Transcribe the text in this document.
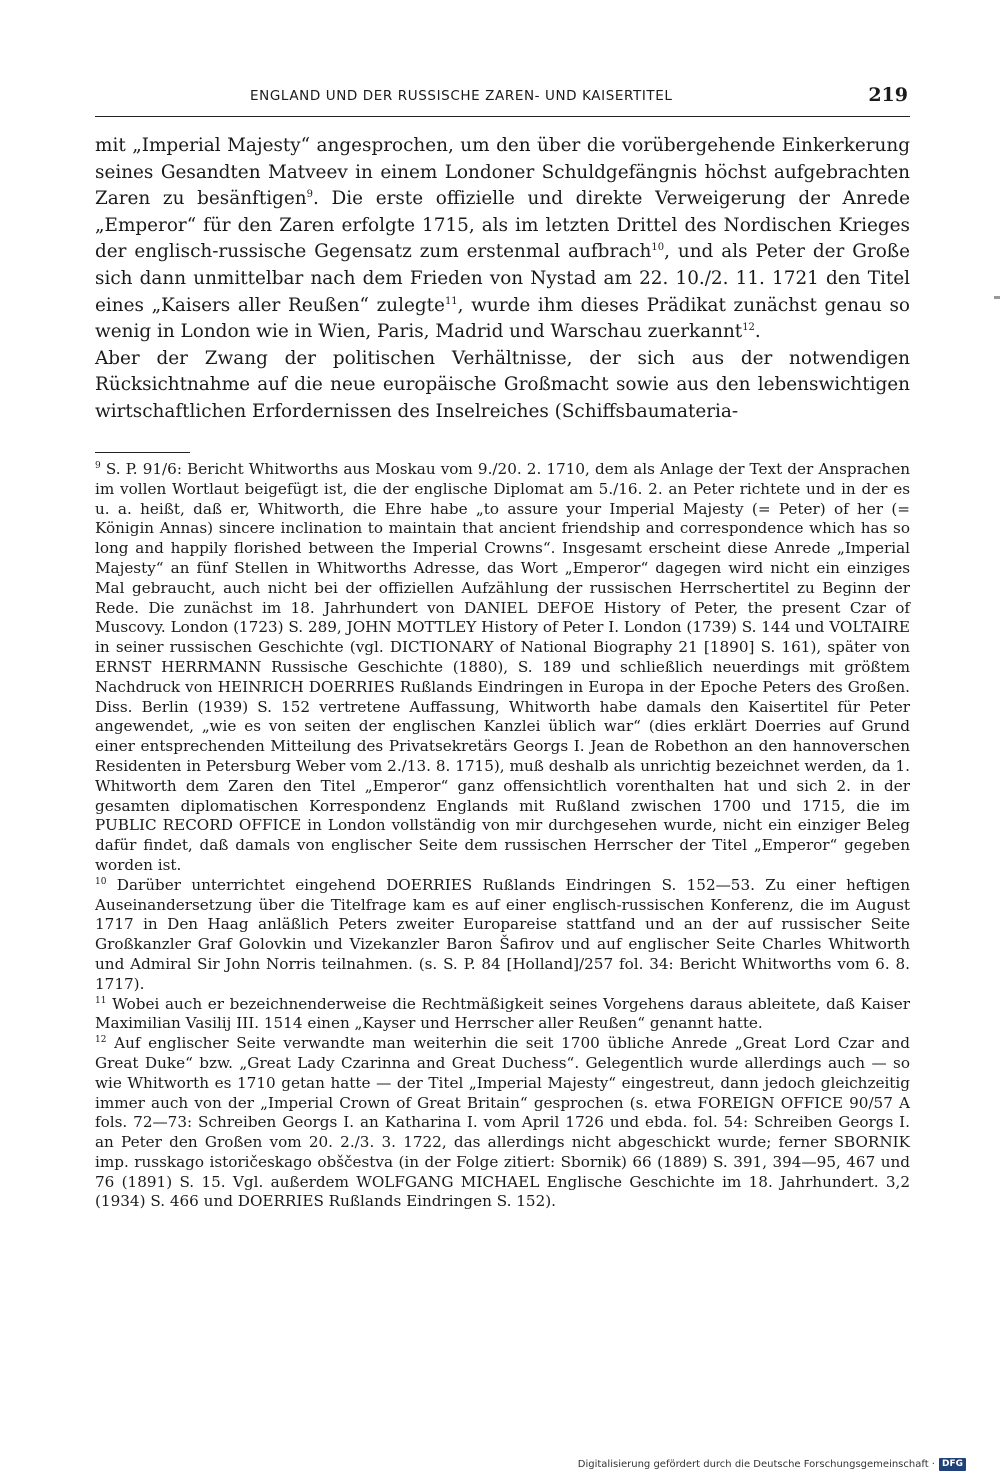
ENGLAND UND DER RUSSISCHE ZAREN- UND KAISERTITEL	219

mit „Imperial Majesty“ angesprochen, um den über die vorübergehende Einkerkerung seines Gesandten Matveev in einem Londoner Schuldgefängnis höchst aufgebrachten Zaren zu besänftigen$^9$. Die erste offizielle und direkte Verweigerung der Anrede „Emperor“ für den Zaren erfolgte 1715, als im letzten Drittel des Nordischen Krieges der englisch-russische Gegensatz zum erstenmal aufbrach$^{10}$, und als Peter der Große sich dann unmittelbar nach dem Frieden von Nystad am 22. 10./2. 11. 1721 den Titel eines „Kaisers aller Reußen“ zulegte$^{11}$, wurde ihm dieses Prädikat zunächst genau so wenig in London wie in Wien, Paris, Madrid und Warschau zuerkannt$^{12}$.

Aber der Zwang der politischen Verhältnisse, der sich aus der notwendigen Rücksichtnahme auf die neue europäische Großmacht sowie aus den lebenswichtigen wirtschaftlichen Erfordernissen des Inselreiches (Schiffsbaumateria-

$^9$ S. P. 91/6: Bericht Whitworths aus Moskau vom 9./20. 2. 1710, dem als Anlage der Text der Ansprachen im vollen Wortlaut beigefügt ist, die der englische Diplomat am 5./16. 2. an Peter richtete und in der es u. a. heißt, daß er, Whitworth, die Ehre habe „to assure your Imperial Majesty (= Peter) of her (= Königin Annas) sincere inclination to maintain that ancient friendship and correspondence which has so long and happily florished between the Imperial Crowns“. Insgesamt erscheint diese Anrede „Imperial Majesty“ an fünf Stellen in Whitworths Adresse, das Wort „Emperor“ dagegen wird nicht ein einziges Mal gebraucht, auch nicht bei der offiziellen Aufzählung der russischen Herrschertitel zu Beginn der Rede. Die zunächst im 18. Jahrhundert von DANIEL DEFOE History of Peter, the present Czar of Muscovy. London (1723) S. 289, JOHN MOTTLEY History of Peter I. London (1739) S. 144 und VOLTAIRE in seiner russischen Geschichte (vgl. DICTIONARY of National Biography 21 [1890] S. 161), später von ERNST HERRMANN Russische Geschichte (1880), S. 189 und schließlich neuerdings mit größtem Nachdruck von HEINRICH DOERRIES Rußlands Eindringen in Europa in der Epoche Peters des Großen. Diss. Berlin (1939) S. 152 vertretene Auffassung, Whitworth habe damals den Kaisertitel für Peter angewendet, „wie es von seiten der englischen Kanzlei üblich war“ (dies erklärt Doerries auf Grund einer entsprechenden Mitteilung des Privatsekretärs Georgs I. Jean de Robethon an den hannoverschen Residenten in Petersburg Weber vom 2./13. 8. 1715), muß deshalb als unrichtig bezeichnet werden, da 1. Whitworth dem Zaren den Titel „Emperor“ ganz offensichtlich vorenthalten hat und sich 2. in der gesamten diplomatischen Korrespondenz Englands mit Rußland zwischen 1700 und 1715, die im PUBLIC RECORD OFFICE in London vollständig von mir durchgesehen wurde, nicht ein einziger Beleg dafür findet, daß damals von englischer Seite dem russischen Herrscher der Titel „Emperor“ gegeben worden ist.

$^{10}$ Darüber unterrichtet eingehend DOERRIES Rußlands Eindringen S. 152—53. Zu einer heftigen Auseinandersetzung über die Titelfrage kam es auf einer englisch-russischen Konferenz, die im August 1717 in Den Haag anläßlich Peters zweiter Europareise stattfand und an der auf russischer Seite Großkanzler Graf Golovkin und Vizekanzler Baron Šafirov und auf englischer Seite Charles Whitworth und Admiral Sir John Norris teilnahmen. (s. S. P. 84 [Holland]/257 fol. 34: Bericht Whitworths vom 6. 8. 1717).

$^{11}$ Wobei auch er bezeichnenderweise die Rechtmäßigkeit seines Vorgehens daraus ableitete, daß Kaiser Maximilian Vasilij III. 1514 einen „Kayser und Herrscher aller Reußen“ genannt hatte.

$^{12}$ Auf englischer Seite verwandte man weiterhin die seit 1700 übliche Anrede „Great Lord Czar and Great Duke“ bzw. „Great Lady Czarinna and Great Duchess“. Gelegentlich wurde allerdings auch — so wie Whitworth es 1710 getan hatte — der Titel „Imperial Majesty“ eingestreut, dann jedoch gleichzeitig immer auch von der „Imperial Crown of Great Britain“ gesprochen (s. etwa FOREIGN OFFICE 90/57 A fols. 72—73: Schreiben Georgs I. an Katharina I. vom April 1726 und ebda. fol. 54: Schreiben Georgs I. an Peter den Großen vom 20. 2./3. 3. 1722, das allerdings nicht abgeschickt wurde; ferner SBORNIK imp. russkago istoričeskago obščestva (in der Folge zitiert: Sbornik) 66 (1889) S. 391, 394—95, 467 und 76 (1891) S. 15. Vgl. außerdem WOLFGANG MICHAEL Englische Geschichte im 18. Jahrhundert. 3,2 (1934) S. 466 und DOERRIES Rußlands Eindringen S. 152).

Digitalisierung gefördert durch die Deutsche Forschungsgemeinschaft · DFG
